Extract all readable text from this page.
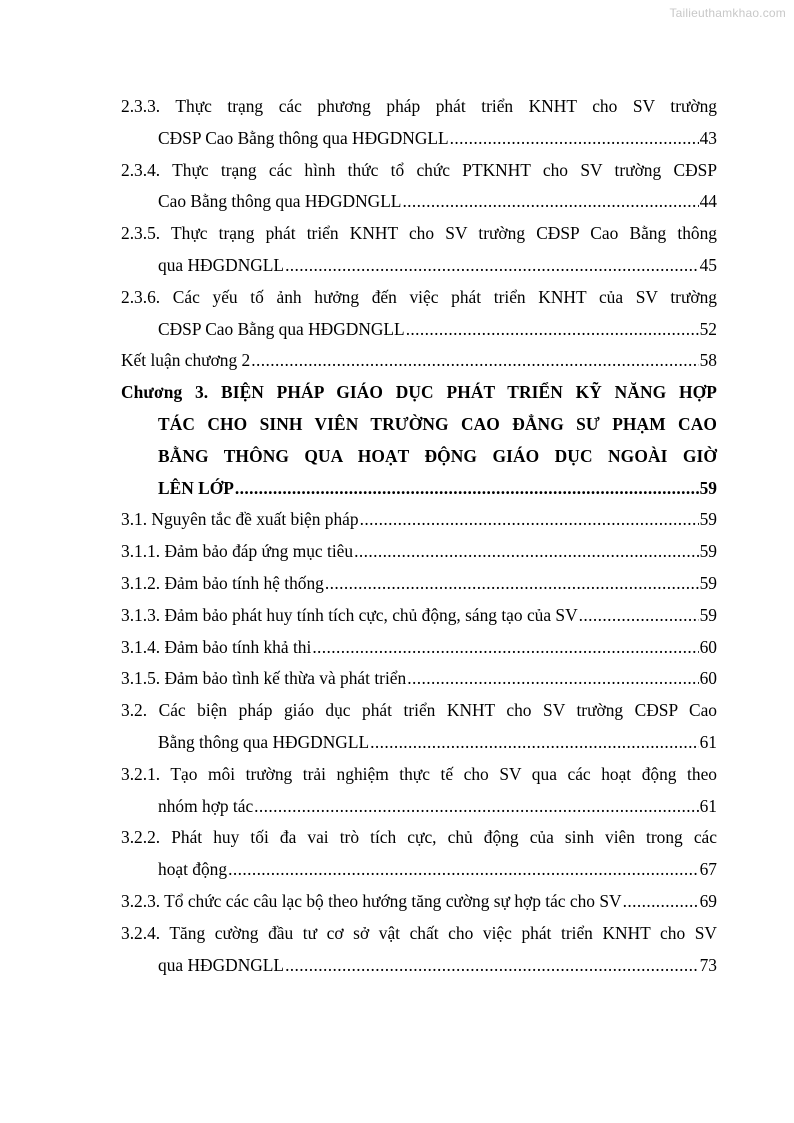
Tailieuthamkhao.com
2.3.3. Thực trạng các phương pháp phát triển KNHT cho SV trường
CĐSP Cao Bằng thông qua HĐGDNGLL .....	43
2.3.4. Thực trạng các hình thức tổ chức PTKNHT cho SV trường CĐSP
Cao Bằng thông qua HĐGDNGLL .....	44
2.3.5. Thực trạng phát triển KNHT cho SV trường CĐSP Cao Bằng thông
qua HĐGDNGLL .....	45
2.3.6. Các yếu tố ảnh hưởng đến việc phát triển KNHT của SV trường
CĐSP Cao Bằng qua HĐGDNGLL .....	52
Kết luận chương 2 .....	58
Chương 3. BIỆN PHÁP GIÁO DỤC PHÁT TRIỂN KỸ NĂNG HỢP
TÁC CHO SINH VIÊN TRƯỜNG CAO ĐẲNG SƯ PHẠM CAO
BẰNG THÔNG QUA HOẠT ĐỘNG GIÁO DỤC NGOÀI GIỜ
LÊN LỚP .....	59
3.1. Nguyên tắc đề xuất biện pháp .....	59
3.1.1. Đảm bảo đáp ứng mục tiêu .....	59
3.1.2. Đảm bảo tính hệ thống .....	59
3.1.3. Đảm bảo phát huy tính tích cực, chủ động, sáng tạo của SV .....	59
3.1.4. Đảm bảo tính khả thi .....	60
3.1.5. Đảm bảo tình kế thừa và phát triển .....	60
3.2. Các biện pháp giáo dục phát triển KNHT cho SV trường CĐSP Cao
Bằng thông qua HĐGDNGLL .....	61
3.2.1. Tạo môi trường trải nghiệm thực tế cho SV qua các hoạt động theo
nhóm hợp tác .....	61
3.2.2. Phát huy tối đa vai trò tích cực, chủ động của sinh viên trong các
hoạt động .....	67
3.2.3. Tổ chức các câu lạc bộ theo hướng tăng cường sự hợp tác cho SV .....	69
3.2.4. Tăng cường đầu tư cơ sở vật chất cho việc phát triển KNHT cho SV
qua HĐGDNGLL .....	73
